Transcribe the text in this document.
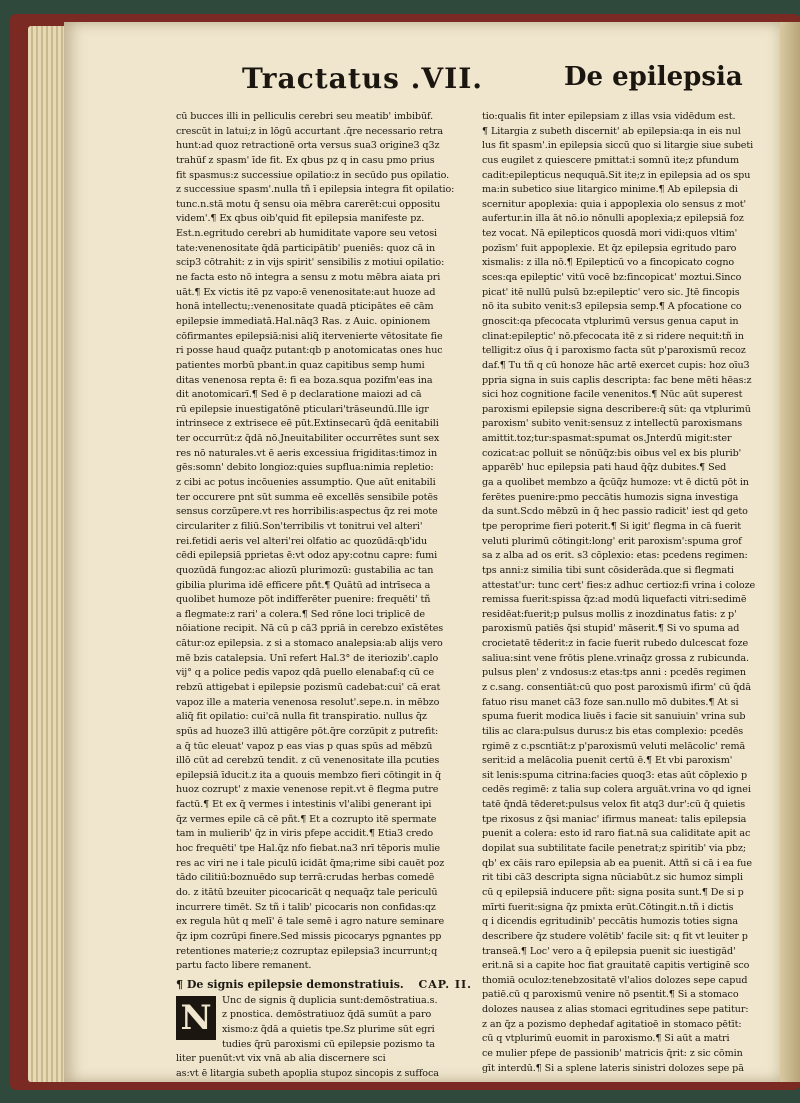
Tractatus .VII.	De epilepsia
cū bucces illi in pelliculis cerebri seu meatib' imbibūf.
crescūt in latui;z in lōgū accurtant .q̄re necessario retra
hunt:ad quoz retractionē orta versus sua3 origine3 q3z
trahūf z spasm' īde fit. Ex qbus pz q in casu pmo prius
fit spasmus:z successiue opilatio:z in secūdo pus opilatio.
z successiue spasm'.nulla tñ ī epilepsia integra fit opilatio:
tunc.n.stā motu q̄ sensu oia mēbra carerēt:cui oppositu
videm'.¶ Ex qbus oib'quid fit epilepsia manifeste pz.
Est.n.egritudo cerebri ab humiditate vapore seu vetosi
tate:venenositate q̄dā participātib' pueniēs: quoz cā in
scip3 cōtrahit: z in vijs spirit' sensibilis z motiui opilatio:
ne facta esto nō integra a sensu z motu mēbra aiata pri
uāt.¶ Ex victis itē pz vapo:ē venenositate:aut huoze ad
honā intellectu;:venenositate quadā pticipātes eē cām
epilepsie immediatā.Hal.nāq3 Ras. z Auic. opinionem
cōfirmantes epilepsiā:nisi aliq̄ itervenierte vētositate fie
ri posse haud quaq̄z putant:qb p anotomicatas ones huc
patientes morbū pbant.in quaz capitibus semp humi
ditas venenosa repta ē: fi ea boza.squa pozifm'eas ina
dit anotomicarī.¶ Sed ē p declaratione maiozi ad cā
rū epilepsie inuestigatōnē pticulari'trāseundū.Ille igr
intrinsece z extrisece eē pūt.Extinsecarū q̄dā eenitabili
ter occurrūt:z q̄dā nō.Jneuitabiliter occurrētes sunt sex
res nō naturales.vt ē aeris excessiua frigiditas:timoz in
gēs:somn' debito longioz:quies supflua:nimia repletio:
z cibi ac potus incōuenies assumptio. Que aūt enitabili
ter occurere pnt sūt summa eē excellēs sensibile potēs
sensus corzūpere.vt res horribilis:aspectus q̄z rei mote
circulariter z filiū.Son'terribilis vt tonitrui vel alteri'
rei.fetidi aeris vel alteri'rei olfatio ac quozūdā:qb'idu
cēdi epilepsiā pprietas ē:vt odoz apy:cotnu capre: fumi
quozūdā fungoz:ac aliozū plurimozū: gustabilia ac tan
gibilia plurima idē efficere pñt.¶ Quātū ad intrīseca a
quolibet humoze pōt indifferēter puenire: frequēti' tñ
a flegmate:z rari' a colera.¶ Sed rōne loci triplicē de
nōiatione recipit. Nā cū p cā3 ppriā in cerebzo exīstētes
cātur:oz epilepsia. z si a stomaco analepsia:ab alijs vero
mē bzis catalepsia. Unī refert Hal.3° de iteriozib'.caplo
vij° q a police pedis vapoz qdā puello elenabaf:q cū ce
rebzū attigebat i epilepsie pozismū cadebat:cui' cā erat
vapoz ille a materia venenosa resolut'.sepe.n. in mēbzo
aliq̄ fit opilatio: cui'cā nulla fit transpiratio. nullus q̄z
spūs ad huoze3 illū attigēre pōt.q̄re corzūpit z putrefit:
a q̄ tūc eleuat' vapoz p eas vias p quas spūs ad mēbzū
illō cūt ad cerebzū tendit. z cū venenositate illa pcuties
epilepsiā īducit.z ita a quouis membzo fieri cōtingit in q̄
huoz cozrupt' z maxie venenose repit.vt ē flegma putre
factū.¶ Et ex q̄ vermes i intestinis vl'alibi generant ipi
q̄z vermes epile cā cē pñt.¶ Et a cozrupto itē spermate
tam in mulierib' q̄z in viris pfepe accidit.¶ Etia3 credo
hoc frequēti' tpe Hal.q̄z nfo fiebat.na3 nrī tēporis mulie
res ac viri ne i tale piculū icidāt q̄ma;rime sibi cauēt poz
tādo cilitiū:boznuēdo sup terrā:crudas herbas comedē
do. z itātū bzeuiter picocaricāt q nequaq̄z tale periculū
incurrere timēt. Sz tñ i talib' picocaris non confidas:qz
ex regula hūt q melī' ē tale semē i agro nature seminare
q̄z ipm cozrūpi finere.Sed missis picocarys pgnantes pp
retentiones materie;z cozruptaz epilepsia3 incurrunt;q
partu facto libere remanent.
¶ De signis epilepsie demonstratiuis. CAP. II.
N	Unc de signis q̄ duplicia sunt:demōstratiua.s.
z pnostica. demōstratiuoz q̄dā sumūt a paro
xismo:z q̄dā a quietis tpe.Sz plurime sūt egri
tudies q̄rū paroxismi cū epilepsie pozismo ta
liter puenūt:vt vix vnā ab alia discernere sci
as:vt ē litargia subeth apoplia stupoz sincopis z suffoca
tio:qualis fit inter epilepsiam z illas vsia vidēdum est.
¶ Litargia z subeth discernit' ab epilepsia:qa in eis nul
lus fit spasm'.in epilepsia siccū quo si litargie siue subeti
cus eugilet z quiescere pmittat:i somnū ite;z pfundum
cadit:epilepticus neququā.Sit ite;z in epilepsia ad os spu
ma:in subetico siue litargico minime.¶ Ab epilepsia di
scernitur apoplexia: quia i appoplexia olo sensus z mot'
aufertur.in illa āt nō.io nōnulli apoplexia;z epilepsiā foz
tez vocat. Nā epilepticos quosdā mori vidi:quos vltim'
pozīsm' fuit appoplexie. Et q̄z epilepsia egritudo paro
xismalis: z illa nō.¶ Epilepticū vo a fincopicato cogno
sces:qa epileptic' vitū vocē bz:fincopicat' moztui.Sinco
picat' itē nullū pulsū bz:epileptic' vero sic. Jtē fincopis
nō ita subito venit:s3 epilepsia semp.¶ A pfocatione co
gnoscit:qa pfecocata vtplurimū versus genua caput in
clinat:epileptic' nō.pfecocata itē z si ridere nequit:tñ in
telligit:z oīus q̄ i paroxismo facta sūt p'paroxismū recoz
daf.¶ Tu tñ q cū honoze hāc artē exercet cupis: hoz oīu3
ppria signa in suis caplis descripta: fac bene mēti hēas:z
sici hoz cognitione facile venenitos.¶ Nūc aūt superest
paroxismi epilepsie signa describere:q̄ sūt: qa vtplurimū
paroxism' subito venit:sensuz z intellectū paroxismans
amittit.toz;tur:spasmat:spumat os.Jnterdū migit:ster
cozicat:ac polluit se nōnūq̄z:bis oibus vel ex bis plurib'
apparēb' huc epilepsia pati haud q̄q̄z dubites.¶ Sed
ga a quolibet membzo a q̄cūq̄z humoze: vt ē dictū pōt in
ferētes puenire:pmo peccātis humozis signa investiga
da sunt.Scdo mēbzū in q̄ hec passio radicit' iest qd geto
tpe peroprime fieri poterit.¶ Si igit' flegma in cā fuerit
veluti plurimū cōtingit:long' erit paroxism':spuma grof
sa z alba ad os erit. s3 cōplexio: etas: pcedens regimen:
tps anni:z similia tibi sunt cōsiderāda.que si flegmati
attestat'ur: tunc cert' fies:z adhuc certioz:fi vrina i coloze
remissa fuerit:spissa q̄z:ad modū liquefacti vitri:sedimē
residēat:fuerit;p pulsus mollis z inozdinatus fatis: z p'
paroxismū patiēs q̄si stupid' māserit.¶ Si vo spuma ad
crocietatē tēderit:z in facie fuerit rubedo dulcescat foze
saliua:sint vene frōtis plene.vrinaq̄z grossa z rubicunda.
pulsus plen' z vndosus:z etas:tps anni : pcedēs regimen
z c.sang. consentiāt:cū quo post paroxismū ifirm' cū q̄dā
fatuo risu manet cā3 foze san.nullo mō dubites.¶ At si
spuma fuerit modica liuēs i facie sit sanuiuin' vrina sub
tilis ac clara:pulsus durus:z bis etas complexio: pcedēs
rgimē z c.pscntiāt:z p'paroxismū veluti melācolic' remā
serit:id a melācolia puenit certū ē.¶ Et vbi paroxism'
sit lenis:spuma citrina:facies quoq3: etas aūt cōplexio p
cedēs regimē: z talia sup colera arguāt.vrina vo qd ignei
tatē q̄ndā tēderet:pulsus velox fit atq3 dur':cū q̄ quietis
tpe rixosus z q̄si maniac' ifirmus maneat: talis epilepsia
puenit a colera: esto id raro fiat.nā sua caliditate apit ac
dopilat sua subtilitate facile penetrat;z spiritib' via pbz;
qb' ex cāis raro epilepsia ab ea puenit. Attñ si cā i ea fue
rit tibi cā3 descripta signa nūciabūt.z sic humoz simpli
cū q epilepsiā inducere pñt: signa posita sunt.¶ De si p
mīrti fuerit:signa q̄z pmixta erūt.Cōtingit.n.tñ i dictis
q i dicendis egritudinib' peccātis humozis toties signa
describere q̄z studere volētib' facile sit: q fit vt leuiter p
transeā.¶ Loc' vero a q̄ epilepsia puenit sic iuestigād'
erit.nā si a capite hoc fiat grauitatē capitis vertiginē sco
thomiā oculoz:tenebzositatē vl'alios dolozes sepe capud
patiē.cū q paroxismū venire nō psentit.¶ Si a stomaco
dolozes nausea z alias stomaci egritudines sepe patitur:
z an q̄z a pozismo dephedaf agitatioē in stomaco pētīt:
cū q vtplurimū euomit in paroxismo.¶ Si aūt a matri
ce mulier pfepe de passionib' matricis q̄rit: z sic cōmin
gīt interdū.¶ Si a splene lateris sinistri dolozes sepe pā
